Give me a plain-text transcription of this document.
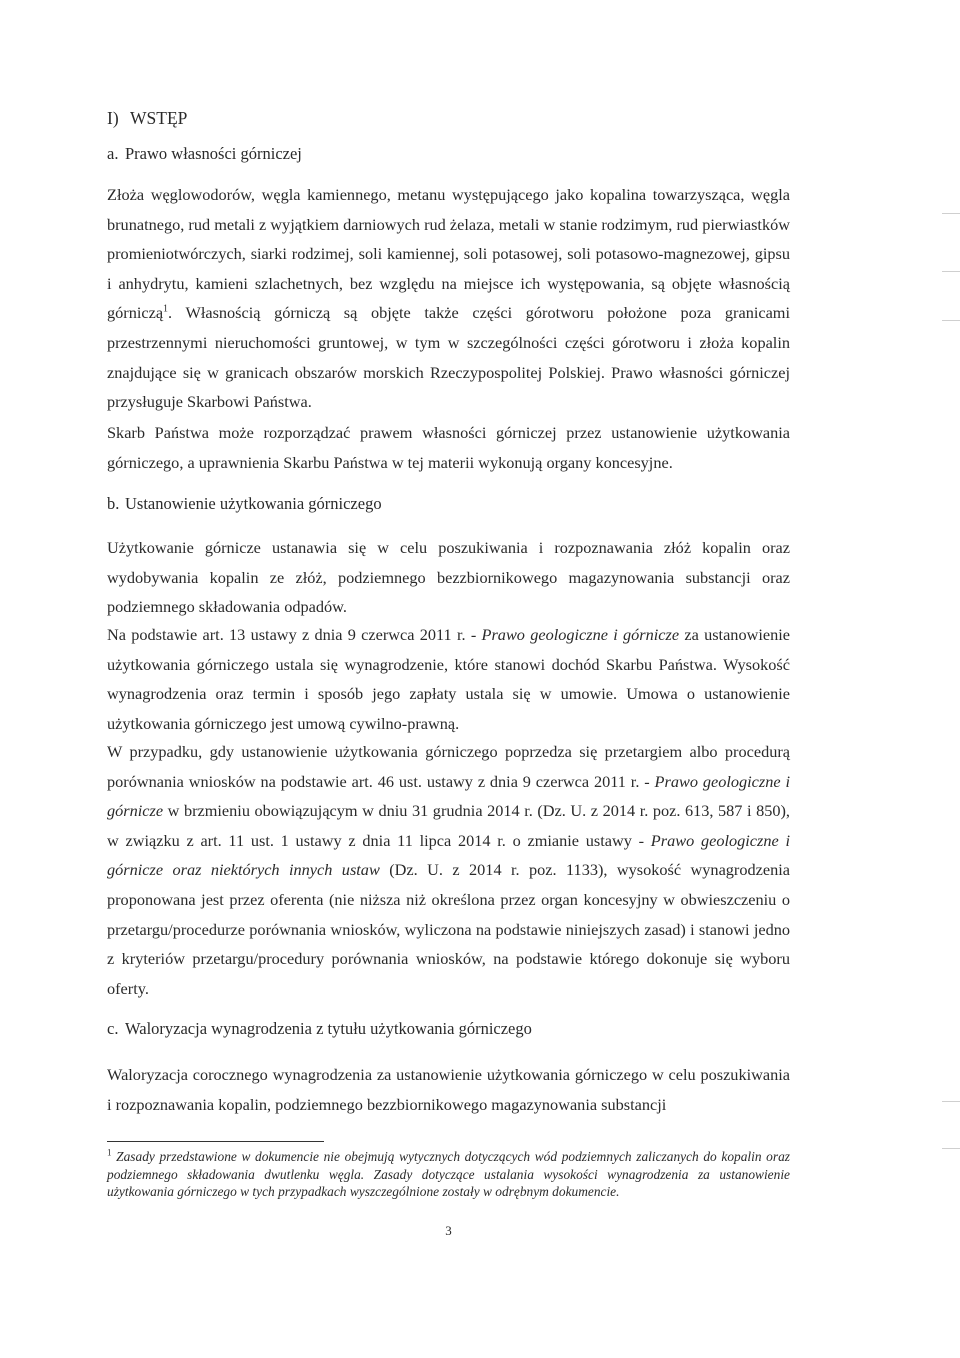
I) WSTĘP
a. Prawo własności górniczej
Złoża węglowodorów, węgla kamiennego, metanu występującego jako kopalina towarzysząca, węgla brunatnego, rud metali z wyjątkiem darniowych rud żelaza, metali w stanie rodzimym, rud pierwiastków promieniotwórczych, siarki rodzimej, soli kamiennej, soli potasowej, soli potasowo-magnezowej, gipsu i anhydrytu, kamieni szlachetnych, bez względu na miejsce ich występowania, są objęte własnością górniczą$^1$. Własnością górniczą są objęte także części górotworu położone poza granicami przestrzennymi nieruchomości gruntowej, w tym w szczególności części górotworu i złoża kopalin znajdujące się w granicach obszarów morskich Rzeczypospolitej Polskiej. Prawo własności górniczej przysługuje Skarbowi Państwa.
Skarb Państwa może rozporządzać prawem własności górniczej przez ustanowienie użytkowania górniczego, a uprawnienia Skarbu Państwa w tej materii wykonują organy koncesyjne.
b. Ustanowienie użytkowania górniczego
Użytkowanie górnicze ustanawia się w celu poszukiwania i rozpoznawania złóż kopalin oraz wydobywania kopalin ze złóż, podziemnego bezzbiornikowego magazynowania substancji oraz podziemnego składowania odpadów.
Na podstawie art. 13 ustawy z dnia 9 czerwca 2011 r. - Prawo geologiczne i górnicze za ustanowienie użytkowania górniczego ustala się wynagrodzenie, które stanowi dochód Skarbu Państwa. Wysokość wynagrodzenia oraz termin i sposób jego zapłaty ustala się w umowie. Umowa o ustanowienie użytkowania górniczego jest umową cywilno-prawną.
W przypadku, gdy ustanowienie użytkowania górniczego poprzedza się przetargiem albo procedurą porównania wniosków na podstawie art. 46 ust. ustawy z dnia 9 czerwca 2011 r. - Prawo geologiczne i górnicze w brzmieniu obowiązującym w dniu 31 grudnia 2014 r. (Dz. U. z 2014 r. poz. 613, 587 i 850), w związku z art. 11 ust. 1 ustawy z dnia 11 lipca 2014 r. o zmianie ustawy - Prawo geologiczne i górnicze oraz niektórych innych ustaw (Dz. U. z 2014 r. poz. 1133), wysokość wynagrodzenia proponowana jest przez oferenta (nie niższa niż określona przez organ koncesyjny w obwieszczeniu o przetargu/procedurze porównania wniosków, wyliczona na podstawie niniejszych zasad) i stanowi jedno z kryteriów przetargu/procedury porównania wniosków, na podstawie którego dokonuje się wyboru oferty.
c. Waloryzacja wynagrodzenia z tytułu użytkowania górniczego
Waloryzacja corocznego wynagrodzenia za ustanowienie użytkowania górniczego w celu poszukiwania i rozpoznawania kopalin, podziemnego bezzbiornikowego magazynowania substancji
$^1$ Zasady przedstawione w dokumencie nie obejmują wytycznych dotyczących wód podziemnych zaliczanych do kopalin oraz podziemnego składowania dwutlenku węgla. Zasady dotyczące ustalania wysokości wynagrodzenia za ustanowienie użytkowania górniczego w tych przypadkach wyszczególnione zostały w odrębnym dokumencie.
3
